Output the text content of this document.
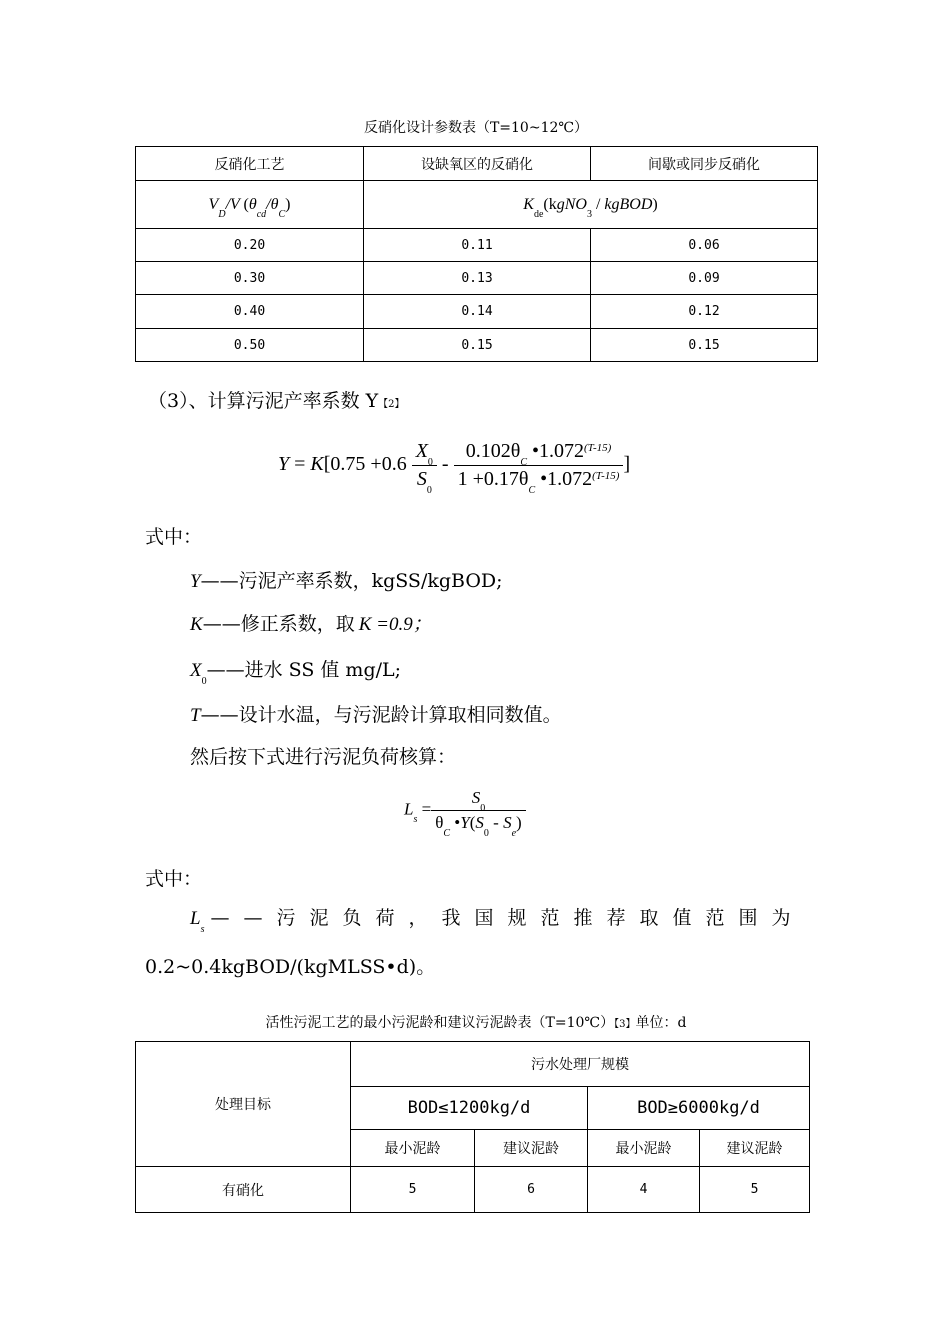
反硝化设计参数表（T=10~12℃）
反硝化工艺	设缺氧区的反硝化	间歇或同步反硝化
$V_D/V$ $(\theta_{cd}/\theta_C)$	$K_{de}(kgNO_3$ / kgBOD)	
0.20	0.11	0.06
0.30	0.13	0.09
0.40	0.14	0.12
0.50	0.15	0.15
（3）、计算污泥产率系数 Y【2】
$Y = K[0.75 +0.6 \frac{X_0}{S_0} - \frac{0.102\theta_C •1.072^{(T-15)}}{1 +0.17\theta_C •1.072^{(T-15)}}$ ]
式中：
Y——污泥产率系数，kgSS/kgBOD;
K——修正系数，取 K =0.9；
$X_0——$进水 SS 值 mg/L;
T——设计水温，与污泥龄计算取相同数值。
然后按下式进行污泥负荷核算：
$L_s = \frac{S_0}{\theta_C •Y(S_0 - S_e)}$
式中：
$L_s$ ——污泥负荷，我国规范推荐取值范围为
0.2~0.4kgBOD/(kgMLSS•d)。
活性污泥工艺的最小污泥龄和建议污泥龄表（T=10℃）【3】单位：d
处理目标	污水处理厂规模			
	BOD≤1200kg/d		BOD≥6000kg/d	
	最小泥龄	建议泥龄	最小泥龄	建议泥龄
有硝化	5	6	4	5
